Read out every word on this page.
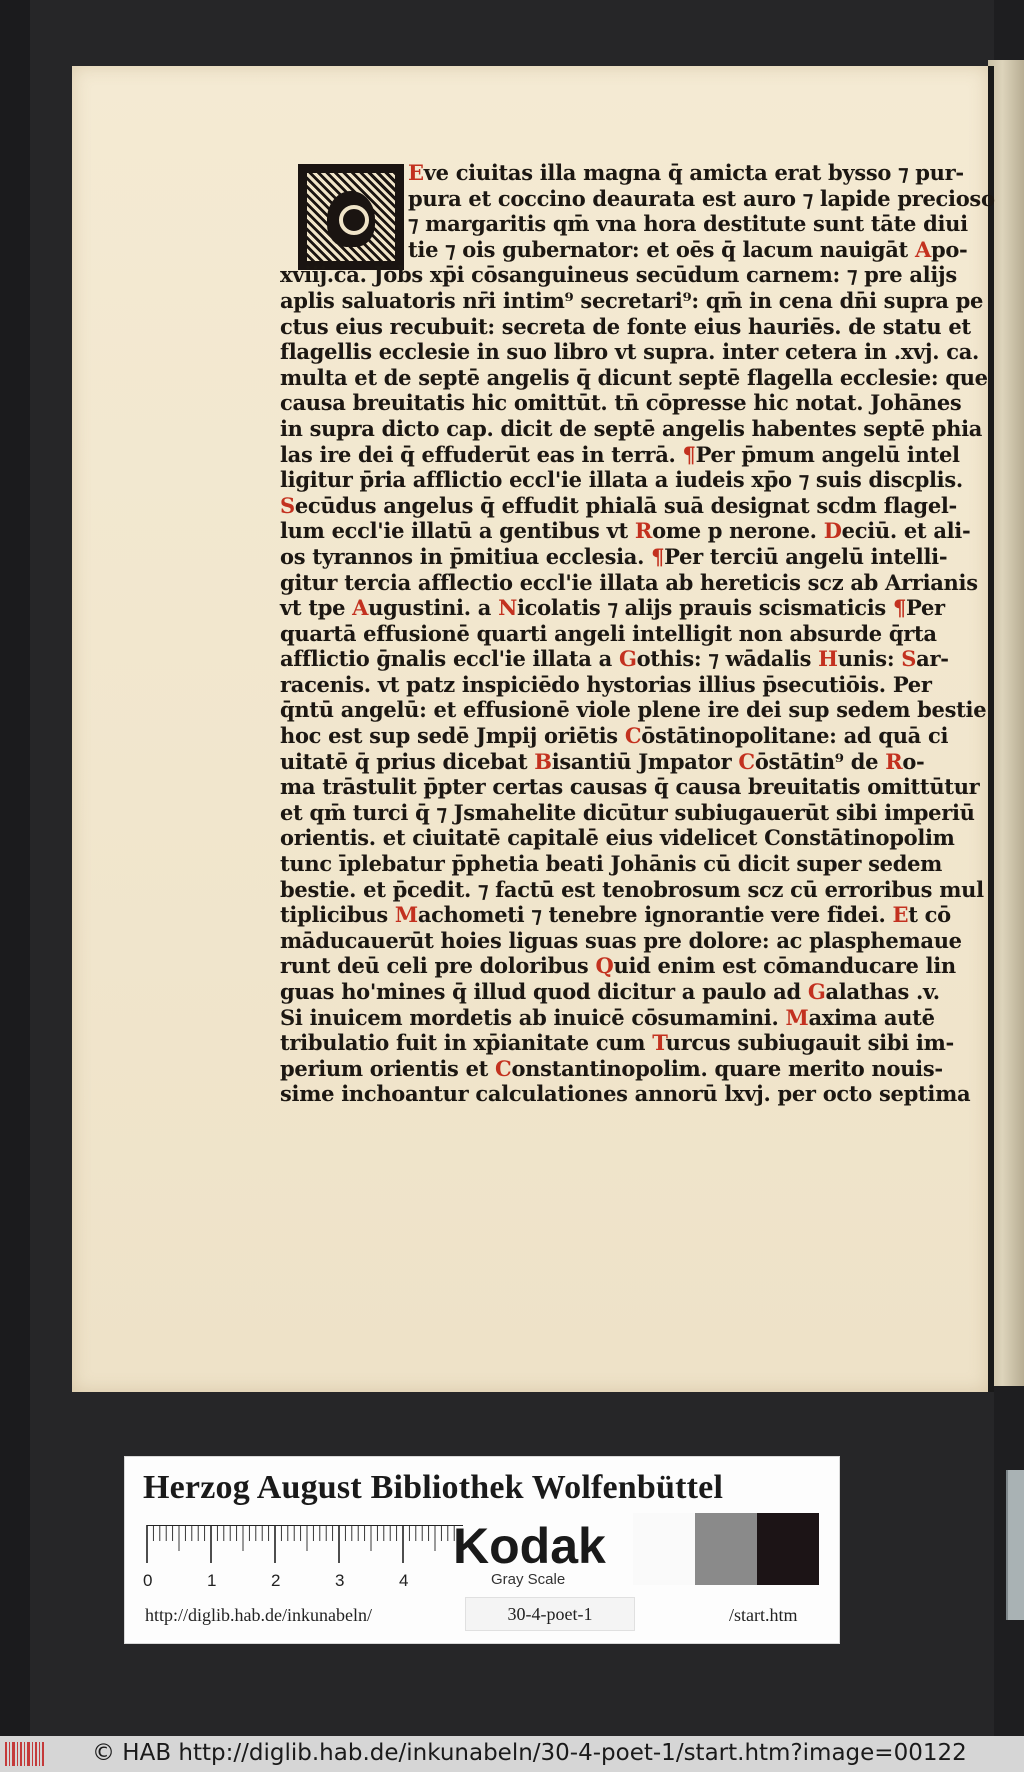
Eve ciuitas illa magna q̄ amicta erat bysso ⁊ pur-
pura et coccino deaurata est auro ⁊ lapide precioso
⁊ margaritis qm̄ vna hora destitute sunt tāte diui
tie ⁊ ois gubernator: et oēs q̄ lacum nauigāt Apo-
xviij.ca. Jobs xp̄i cōsanguineus secūdum carnem: ⁊ pre alijs
aplis saluatoris nr̄i intim⁹ secretari⁹: qm̄ in cena dn̄i supra pe
ctus eius recubuit: secreta de fonte eius hauriēs. de statu et
flagellis ecclesie in suo libro vt supra. inter cetera in .xvj. ca.
multa et de septē angelis q̄ dicunt septē flagella ecclesie: que
causa breuitatis hic omittūt. tn̄ cōpresse hic notat. Johānes
in supra dicto cap. dicit de septē angelis habentes septē phia
las ire dei q̄ effuderūt eas in terrā. ¶Per p̄mum angelū intel
ligitur p̄ria afflictio eccl'ie illata a iudeis xp̄o ⁊ suis discplis.
Secūdus angelus q̄ effudit phialā suā designat scdm flagel-
lum eccl'ie illatū a gentibus vt Rome p nerone. Deciū. et ali-
os tyrannos in p̄mitiua ecclesia. ¶Per terciū angelū intelli-
gitur tercia afflectio eccl'ie illata ab hereticis scz ab Arrianis
vt tpe Augustini. a Nicolatis ⁊ alijs prauis scismaticis ¶Per
quartā effusionē quarti angeli intelligit non absurde q̄rta
afflictio ḡnalis eccl'ie illata a Gothis: ⁊ wādalis Hunis: Sar-
racenis. vt patz inspiciēdo hystorias illius p̄secutiōis. Per
q̄ntū angelū: et effusionē viole plene ire dei sup sedem bestie
hoc est sup sedē Jmpij oriētis Cōstātinopolitane: ad quā ci
uitatē q̄ prius dicebat Bisantiū Jmpator Cōstātin⁹ de Ro-
ma trāstulit p̄pter certas causas q̄ causa breuitatis omittūtur
et qm̄ turci q̄ ⁊ Jsmahelite dicūtur subiugauerūt sibi imperiū
orientis. et ciuitatē capitalē eius videlicet Constātinopolim
tunc īplebatur p̄phetia beati Johānis cū dicit super sedem
bestie. et p̄cedit. ⁊ factū est tenobrosum scz cū erroribus mul
tiplicibus Machometi ⁊ tenebre ignorantie vere fidei. Et cō
māducauerūt hoies liguas suas pre dolore: ac plasphemaue
runt deū celi pre doloribus Quid enim est cōmanducare lin
guas ho'mines q̄ illud quod dicitur a paulo ad Galathas .v.
Si inuicem mordetis ab inuicē cōsumamini. Maxima autē
tribulatio fuit in xp̄ianitate cum Turcus subiugauit sibi im-
perium orientis et Constantinopolim. quare merito nouis-
sime inchoantur calculationes annorū lxvj. per octo septima
Herzog August Bibliothek Wolfenbüttel
0	1	2	3	4
Kodak
Gray Scale
http://diglib.hab.de/inkunabeln/	30-4-poet-1	/start.htm
© HAB http://diglib.hab.de/inkunabeln/30-4-poet-1/start.htm?image=00122
